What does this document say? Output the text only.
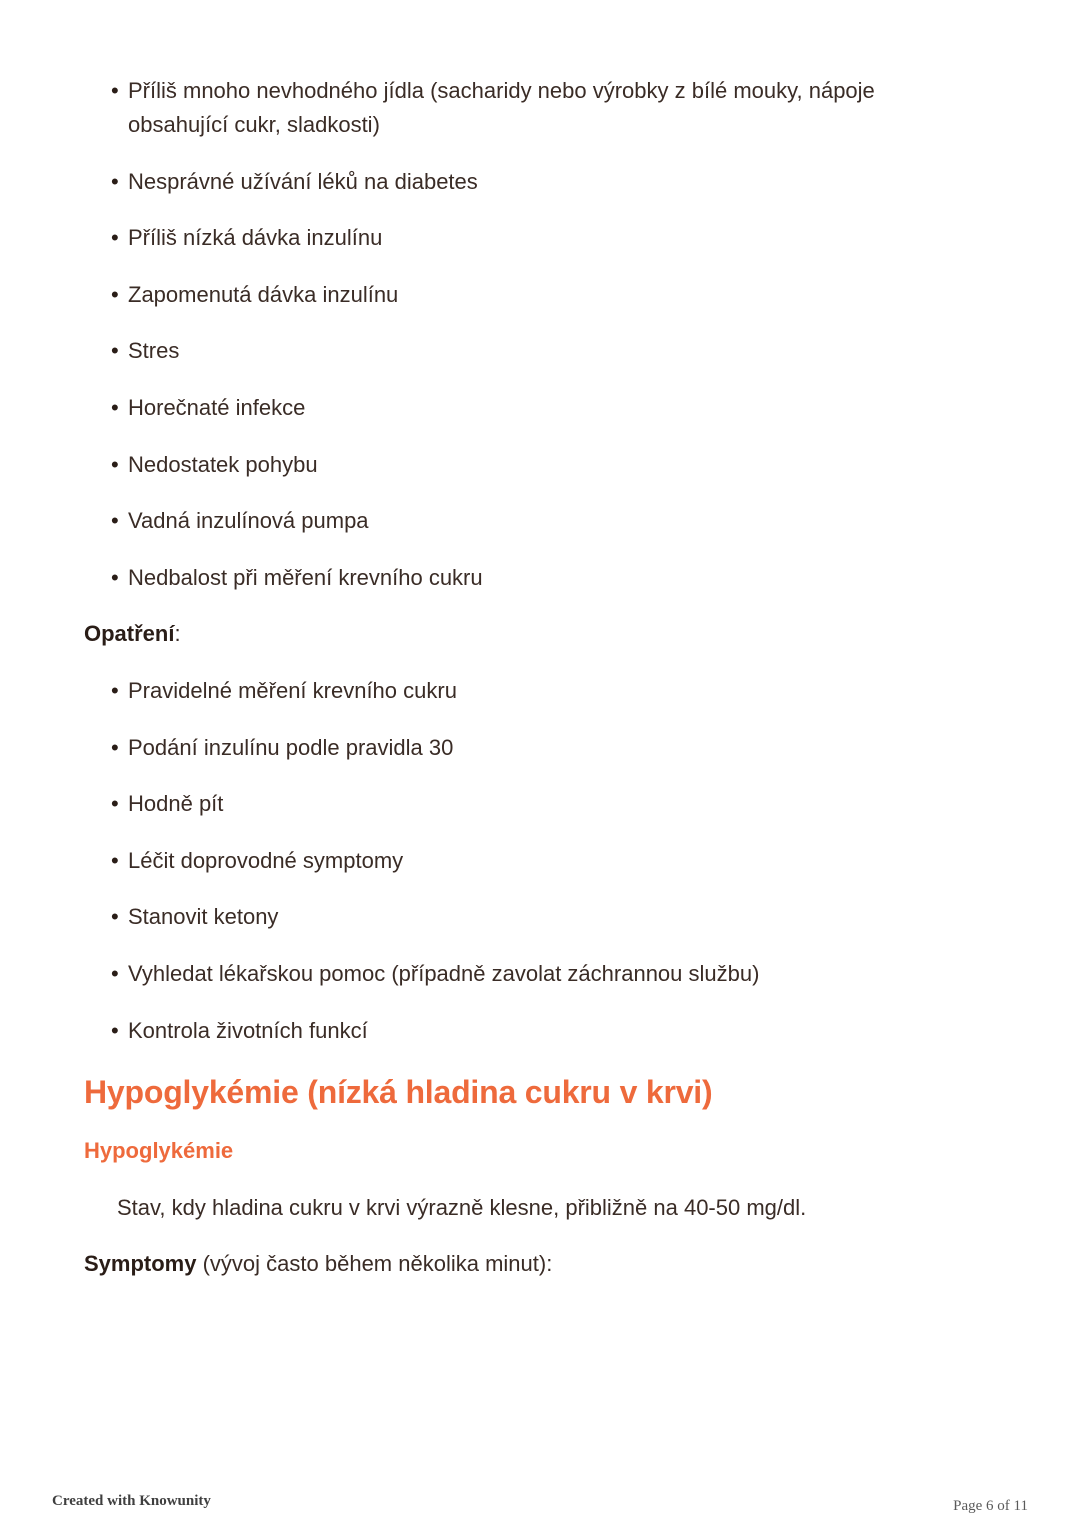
• Příliš mnoho nevhodného jídla (sacharidy nebo výrobky z bílé mouky, nápoje obsahující cukr, sladkosti)
• Nesprávné užívání léků na diabetes
• Příliš nízká dávka inzulínu
• Zapomenutá dávka inzulínu
• Stres
• Horečnaté infekce
• Nedostatek pohybu
• Vadná inzulínová pumpa
• Nedbalost při měření krevního cukru

Opatření:

• Pravidelné měření krevního cukru
• Podání inzulínu podle pravidla 30
• Hodně pít
• Léčit doprovodné symptomy
• Stanovit ketony
• Vyhledat lékařskou pomoc (případně zavolat záchrannou službu)
• Kontrola životních funkcí
Hypoglykémie (nízká hladina cukru v krvi)
Hypoglykémie

Stav, kdy hladina cukru v krvi výrazně klesne, přibližně na 40-50 mg/dl.

Symptomy (vývoj často během několika minut):

Created with Knowunity	Page 6 of 11
